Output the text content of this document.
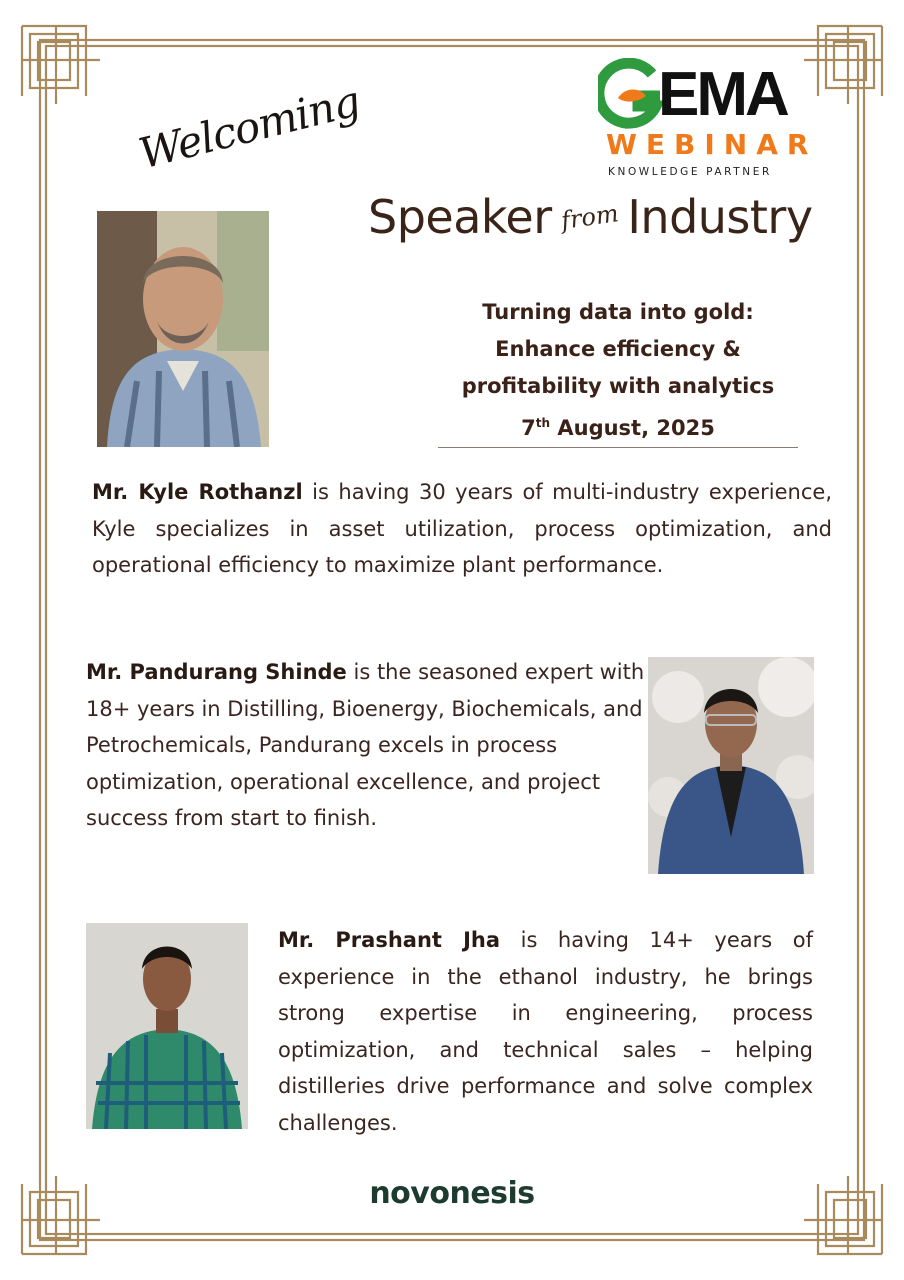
EMA
WEBINAR
KNOWLEDGE PARTNER
Welcoming
Speaker from Industry
Turning data into gold:
Enhance efficiency &
profitability with analytics
7th August, 2025
Mr. Kyle Rothanzl is having 30 years of multi-industry experience, Kyle specializes in asset utilization, process optimization, and operational efficiency to maximize plant performance.
Mr. Pandurang Shinde is the seasoned expert with 18+ years in Distilling, Bioenergy, Biochemicals, and Petrochemicals, Pandurang excels in process optimization, operational excellence, and project success from start to finish.
Mr. Prashant Jha is having 14+ years of experience in the ethanol industry, he brings strong expertise in engineering, process optimization, and technical sales – helping distilleries drive performance and solve complex challenges.
novonesis
